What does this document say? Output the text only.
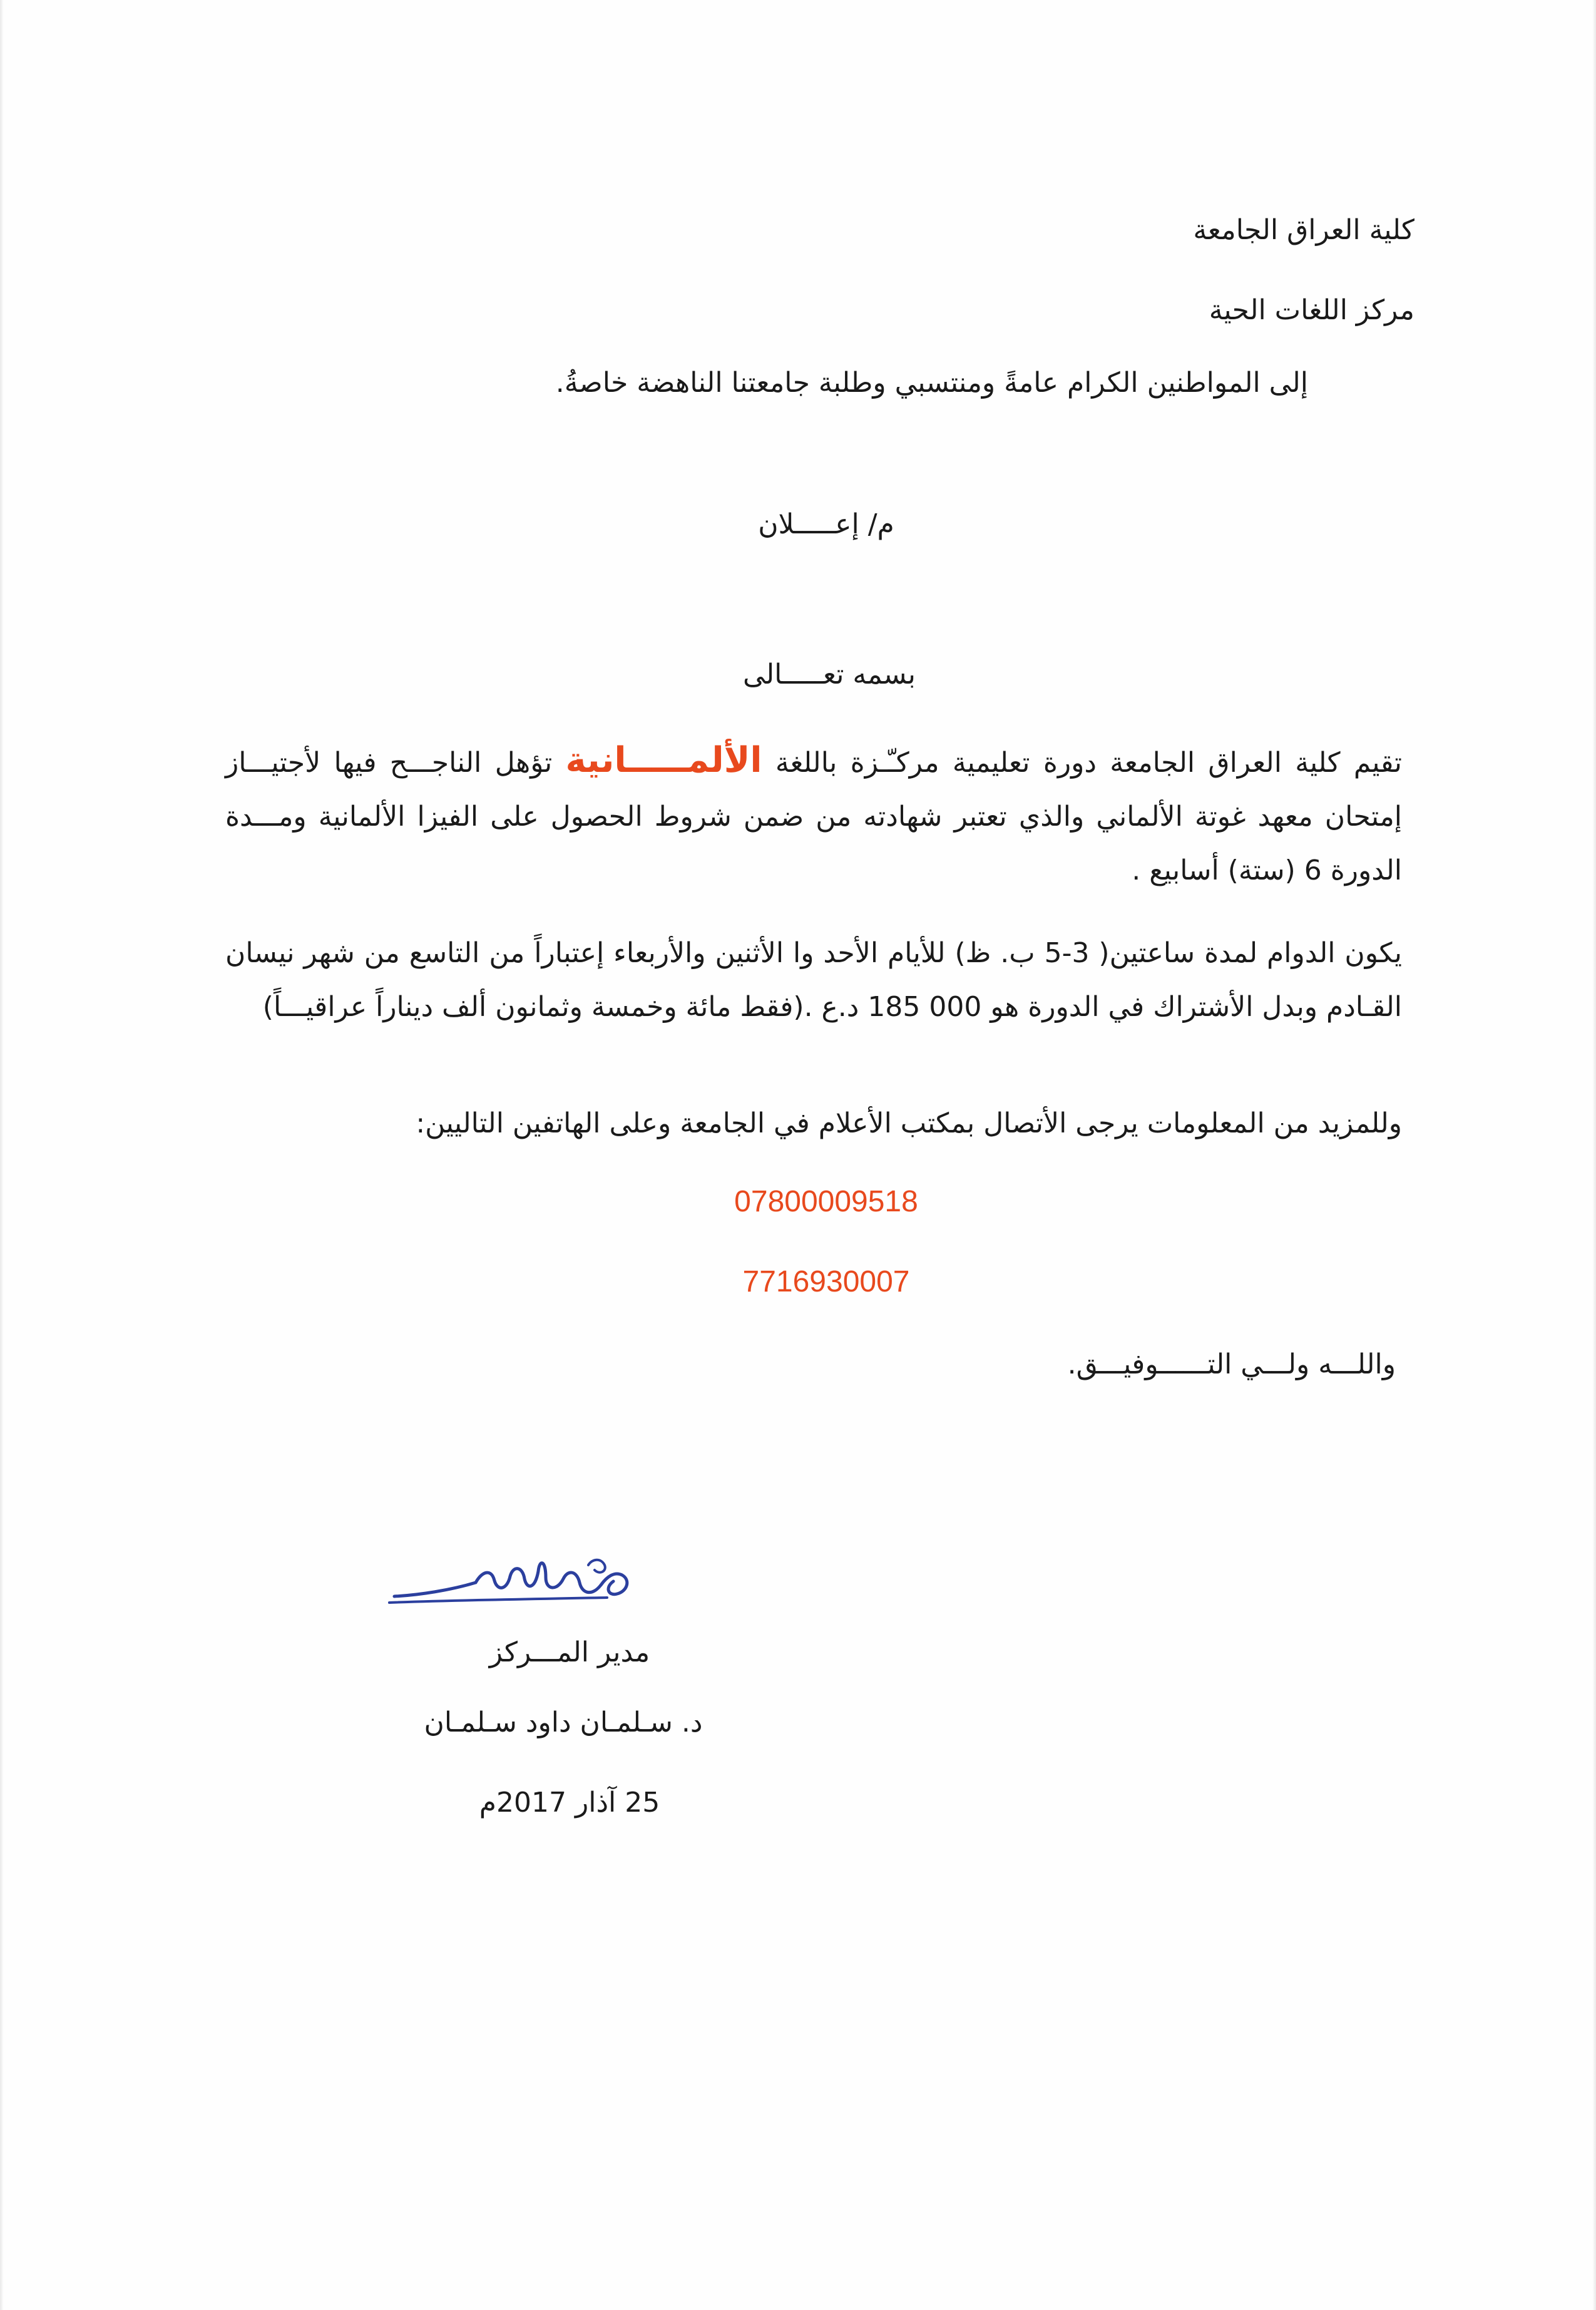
كلية العراق الجامعة
مركز اللغات الحية
إلى المواطنين الكرام عامةً ومنتسبي وطلبة جامعتنا الناهضة خاصةُ.
م/ إعـــــلان
بسمه تعـــــالى
تقيم كلية العراق الجامعة دورة تعليمية مركـّـزة باللغة الألمـــــانية تؤهل الناجـــح فيها لأجتيـــاز إمتحان معهد غوتة الألماني والذي تعتبر شهادته من ضمن شروط الحصول على الفيزا الألمانية ومـــدة الدورة 6 (ستة) أسابيع .
يكون الدوام لمدة ساعتين( 3-5 ب. ظ) للأيام الأحد وا الأثنين والأربعاء إعتباراً من التاسع من شهر نيسان القـادم وبدل الأشتراك في الدورة هو 000 185 د.ع .(فقط مائة وخمسة وثمانون ألف ديناراً عراقيـــاً)
وللمزيد من المعلومات يرجى الأتصال بمكتب الأعلام في الجامعة وعلى الهاتفين التاليين:
07800009518
7716930007
واللـــه ولـــي التــــــوفيـــق.
مدير المـــركز
د. سـلمـان داود سـلمـان
25 آذار 2017م
